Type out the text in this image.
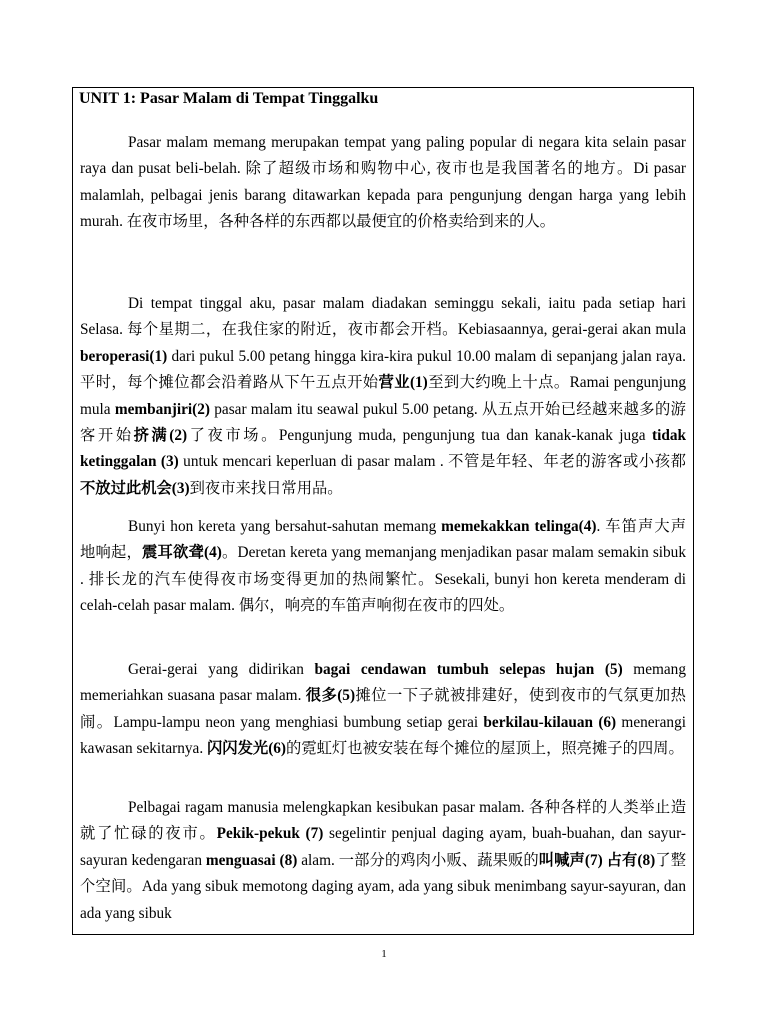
UNIT 1: Pasar Malam di Tempat Tinggalku

Pasar malam memang merupakan tempat yang paling popular di negara kita selain pasar raya dan pusat beli-belah. 除了超级市场和购物中心, 夜市也是我国著名的地方。Di pasar malamlah, pelbagai jenis barang ditawarkan kepada para pengunjung dengan harga yang lebih murah. 在夜市场里，各种各样的东西都以最便宜的价格卖给到来的人。

Di tempat tinggal aku, pasar malam diadakan seminggu sekali, iaitu pada setiap hari Selasa. 每个星期二，在我住家的附近，夜市都会开档。Kebiasaannya, gerai-gerai akan mula beroperasi(1) dari pukul 5.00 petang hingga kira-kira pukul 10.00 malam di sepanjang jalan raya. 平时，每个摊位都会沿着路从下午五点开始营业(1)至到大约晚上十点。Ramai pengunjung mula membanjiri(2) pasar malam itu seawal pukul 5.00 petang. 从五点开始已经越来越多的游客开始挤满(2)了夜市场。Pengunjung muda, pengunjung tua dan kanak-kanak juga tidak ketinggalan (3) untuk mencari keperluan di pasar malam . 不管是年轻、年老的游客或小孩都不放过此机会(3)到夜市来找日常用品。

Bunyi hon kereta yang bersahut-sahutan memang memekakkan telinga(4). 车笛声大声地响起，震耳欲聋(4)。Deretan kereta yang memanjang menjadikan pasar malam semakin sibuk . 排长龙的汽车使得夜市场变得更加的热闹繁忙。Sesekali, bunyi hon kereta menderam di celah-celah pasar malam. 偶尔，响亮的车笛声响彻在夜市的四处。

Gerai-gerai yang didirikan bagai cendawan tumbuh selepas hujan (5) memang memeriahkan suasana pasar malam. 很多(5)摊位一下子就被排建好，使到夜市的气氛更加热闹。Lampu-lampu neon yang menghiasi bumbung setiap gerai berkilau-kilauan (6) menerangi kawasan sekitarnya. 闪闪发光(6)的霓虹灯也被安装在每个摊位的屋顶上，照亮摊子的四周。

Pelbagai ragam manusia melengkapkan kesibukan pasar malam. 各种各样的人类举止造就了忙碌的夜市。Pekik-pekuk (7) segelintir penjual daging ayam, buah-buahan, dan sayur-sayuran kedengaran menguasai (8) alam. 一部分的鸡肉小贩、蔬果贩的叫喊声(7) 占有(8)了整个空间。Ada yang sibuk memotong daging ayam, ada yang sibuk menimbang sayur-sayuran, dan ada yang sibuk

1
